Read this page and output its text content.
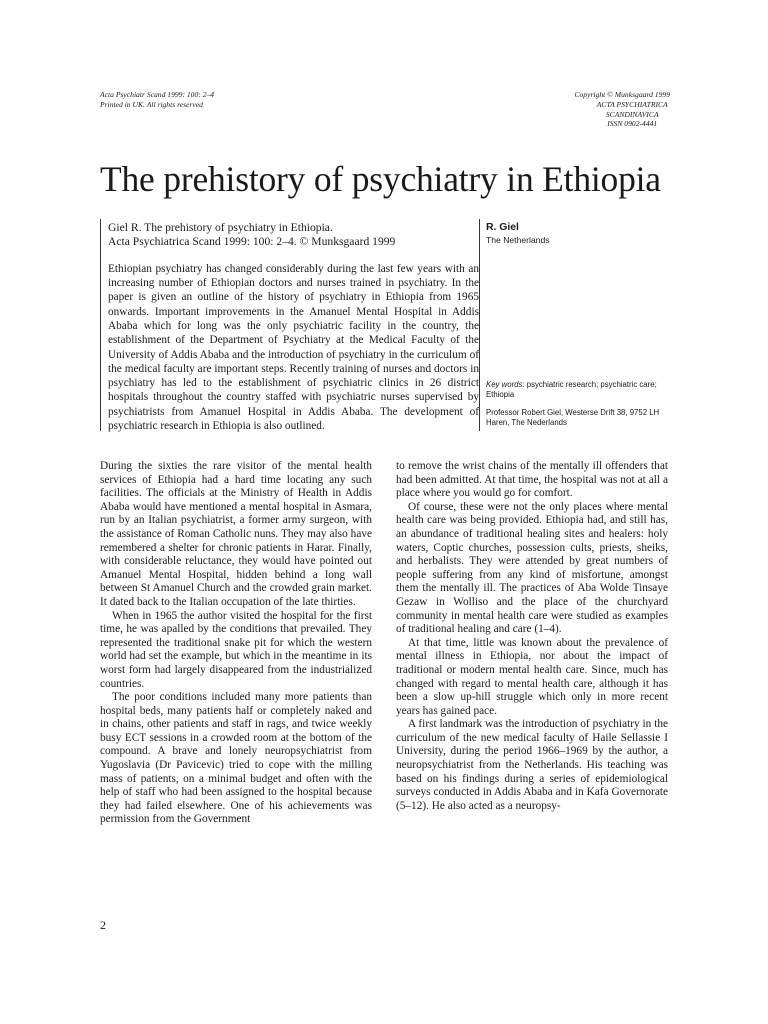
Acta Psychiatr Scand 1999: 100: 2–4
Printed in UK. All rights reserved
Copyright © Munksgaard 1999
ACTA PSYCHIATRICA
SCANDINAVICA
ISSN 0902-4441
The prehistory of psychiatry in Ethiopia
Giel R. The prehistory of psychiatry in Ethiopia.
Acta Psychiatrica Scand 1999: 100: 2–4. © Munksgaard 1999

Ethiopian psychiatry has changed considerably during the last few years with an increasing number of Ethiopian doctors and nurses trained in psychiatry. In the paper is given an outline of the history of psychiatry in Ethiopia from 1965 onwards. Important improvements in the Amanuel Mental Hospital in Addis Ababa which for long was the only psychiatric facility in the country, the establishment of the Department of Psychiatry at the Medical Faculty of the University of Addis Ababa and the introduction of psychiatry in the curriculum of the medical faculty are important steps. Recently training of nurses and doctors in psychiatry has led to the establishment of psychiatric clinics in 26 district hospitals throughout the country staffed with psychiatric nurses supervised by psychiatrists from Amanuel Hospital in Addis Ababa. The development of psychiatric research in Ethiopia is also outlined.

R. Giel
The Netherlands
Key words: psychiatric research; psychiatric care; Ethiopia
Professor Robert Giel, Westerse Drift 38, 9752 LH Haren, The Nederlands

During the sixties the rare visitor of the mental health services of Ethiopia had a hard time locating any such facilities. The officials at the Ministry of Health in Addis Ababa would have mentioned a mental hospital in Asmara, run by an Italian psychiatrist, a former army surgeon, with the assistance of Roman Catholic nuns. They may also have remembered a shelter for chronic patients in Harar. Finally, with considerable reluctance, they would have pointed out Amanuel Mental Hospital, hidden behind a long wall between St Amanuel Church and the crowded grain market. It dated back to the Italian occupation of the late thirties.

When in 1965 the author visited the hospital for the first time, he was apalled by the conditions that prevailed. They represented the traditional snake pit for which the western world had set the example, but which in the meantime in its worst form had largely disappeared from the industrialized countries.

The poor conditions included many more patients than hospital beds, many patients half or completely naked and in chains, other patients and staff in rags, and twice weekly busy ECT sessions in a crowded room at the bottom of the compound. A brave and lonely neuropsychiatrist from Yugoslavia (Dr Pavicevic) tried to cope with the milling mass of patients, on a minimal budget and often with the help of staff who had been assigned to the hospital because they had failed elsewhere. One of his achievements was permission from the Government

to remove the wrist chains of the mentally ill offenders that had been admitted. At that time, the hospital was not at all a place where you would go for comfort.

Of course, these were not the only places where mental health care was being provided. Ethiopia had, and still has, an abundance of traditional healing sites and healers: holy waters, Coptic churches, possession cults, priests, sheiks, and herbalists. They were attended by great numbers of people suffering from any kind of misfortune, amongst them the mentally ill. The practices of Aba Wolde Tinsaye Gezaw in Wolliso and the place of the churchyard community in mental health care were studied as examples of traditional healing and care (1–4).

At that time, little was known about the prevalence of mental illness in Ethiopia, nor about the impact of traditional or modern mental health care. Since, much has changed with regard to mental health care, although it has been a slow up-hill struggle which only in more recent years has gained pace.

A first landmark was the introduction of psychiatry in the curriculum of the new medical faculty of Haile Sellassie I University, during the period 1966–1969 by the author, a neuropsychiatrist from the Netherlands. His teaching was based on his findings during a series of epidemiological surveys conducted in Addis Ababa and in Kafa Governorate (5–12). He also acted as a neuropsy-

2
